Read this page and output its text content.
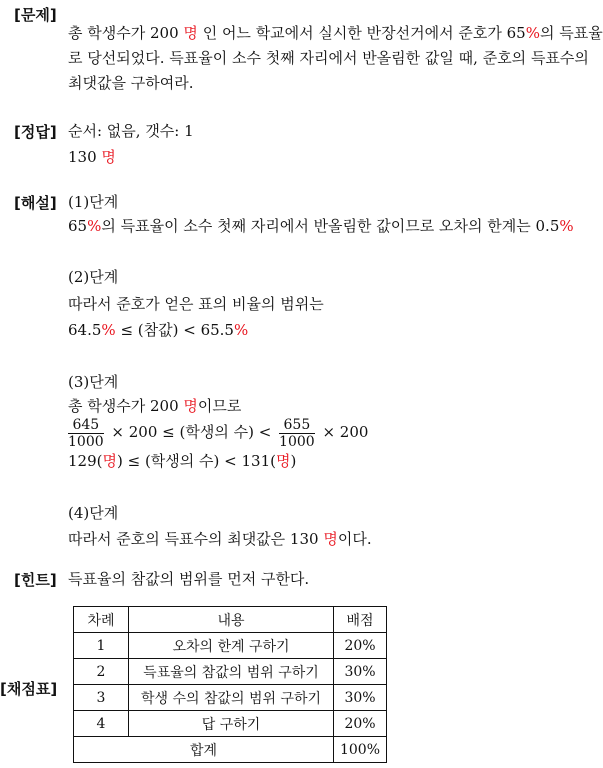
[문제]
총 학생수가 200 명 인 어느 학교에서 실시한 반장선거에서 준호가 65%의 득표율
로 당선되었다. 득표율이 소수 첫째 자리에서 반올림한 값일 때, 준호의 득표수의
최댓값을 구하여라.
[정답] 순서: 없음, 갯수: 1
130 명
[해설] (1)단계
65%의 득표율이 소수 첫째 자리에서 반올림한 값이므로 오차의 한계는 0.5%
(2)단계
따라서 준호가 얻은 표의 비율의 범위는
64.5% ≤ (참값) < 65.5%
(3)단계
총 학생수가 200 명이므로
$\frac{645}{1000} \times 200$ ≤ (학생의 수) < $\frac{655}{1000} \times 200$
129(명) ≤ (학생의 수) < 131(명)
(4)단계
따라서 준호의 득표수의 최댓값은 130 명이다.
[힌트] 득표율의 참값의 범위를 먼저 구한다.
[채점표]
차례	내용	배점
1	오차의 한계 구하기	20%
2	득표율의 참값의 범위 구하기	30%
3	학생 수의 참값의 범위 구하기	30%
4	답 구하기	20%
합계		100%
